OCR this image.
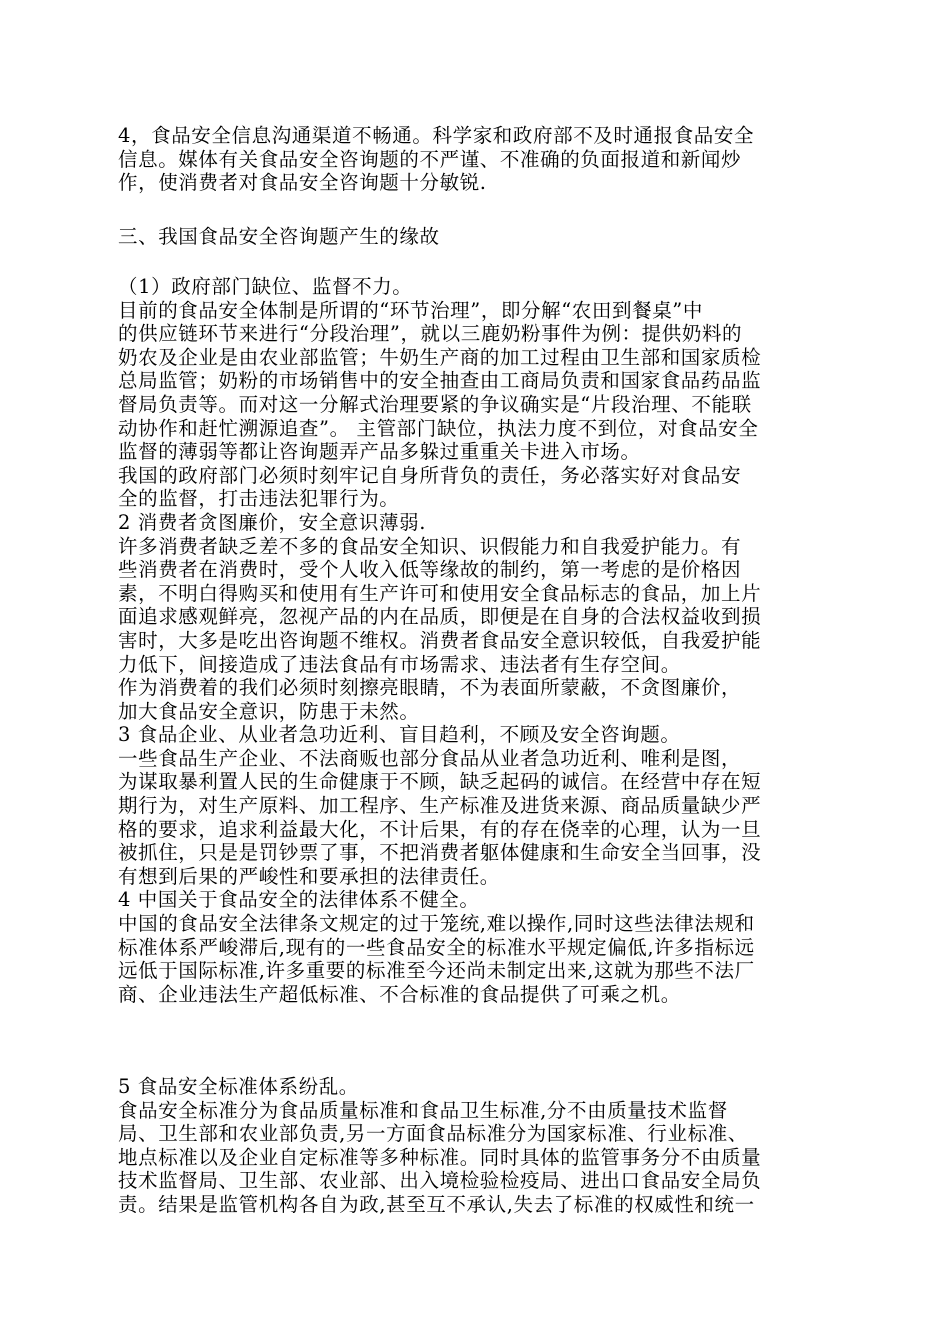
4，食品安全信息沟通渠道不畅通。科学家和政府部不及时通报食品安全
信息。媒体有关食品安全咨询题的不严谨、不准确的负面报道和新闻炒
作，使消费者对食品安全咨询题十分敏锐.
三、我国食品安全咨询题产生的缘故
（1）政府部门缺位、监督不力。
目前的食品安全体制是所谓的“环节治理”，即分解“农田到餐桌”中
的供应链环节来进行“分段治理”，就以三鹿奶粉事件为例：提供奶料的
奶农及企业是由农业部监管；牛奶生产商的加工过程由卫生部和国家质检
总局监管；奶粉的市场销售中的安全抽查由工商局负责和国家食品药品监
督局负责等。而对这一分解式治理要紧的争议确实是“片段治理、不能联
动协作和赶忙溯源追查”。 主管部门缺位，执法力度不到位，对食品安全
监督的薄弱等都让咨询题弄产品多躲过重重关卡进入市场。
我国的政府部门必须时刻牢记自身所背负的责任，务必落实好对食品安
全的监督，打击违法犯罪行为。
2 消费者贪图廉价，安全意识薄弱.
许多消费者缺乏差不多的食品安全知识、识假能力和自我爱护能力。有
些消费者在消费时，受个人收入低等缘故的制约，第一考虑的是价格因
素，不明白得购买和使用有生产许可和使用安全食品标志的食品，加上片
面追求感观鲜亮，忽视产品的内在品质，即便是在自身的合法权益收到损
害时，大多是吃出咨询题不维权。消费者食品安全意识较低，自我爱护能
力低下，间接造成了违法食品有市场需求、违法者有生存空间。
作为消费着的我们必须时刻擦亮眼睛，不为表面所蒙蔽，不贪图廉价，
加大食品安全意识，防患于未然。
3 食品企业、从业者急功近利、盲目趋利，不顾及安全咨询题。
一些食品生产企业、不法商贩也部分食品从业者急功近利、唯利是图，
为谋取暴利置人民的生命健康于不顾，缺乏起码的诚信。在经营中存在短
期行为，对生产原料、加工程序、生产标准及进货来源、商品质量缺少严
格的要求，追求利益最大化，不计后果，有的存在侥幸的心理，认为一旦
被抓住，只是是罚钞票了事，不把消费者躯体健康和生命安全当回事，没
有想到后果的严峻性和要承担的法律责任。
4 中国关于食品安全的法律体系不健全。
中国的食品安全法律条文规定的过于笼统,难以操作,同时这些法律法规和
标准体系严峻滞后,现有的一些食品安全的标准水平规定偏低,许多指标远
远低于国际标准,许多重要的标准至今还尚未制定出来,这就为那些不法厂
商、企业违法生产超低标准、不合标准的食品提供了可乘之机。
5 食品安全标准体系纷乱。
食品安全标准分为食品质量标准和食品卫生标准,分不由质量技术监督
局、卫生部和农业部负责,另一方面食品标准分为国家标准、行业标准、
地点标准以及企业自定标准等多种标准。同时具体的监管事务分不由质量
技术监督局、卫生部、农业部、出入境检验检疫局、进出口食品安全局负
责。结果是监管机构各自为政,甚至互不承认,失去了标准的权威性和统一
